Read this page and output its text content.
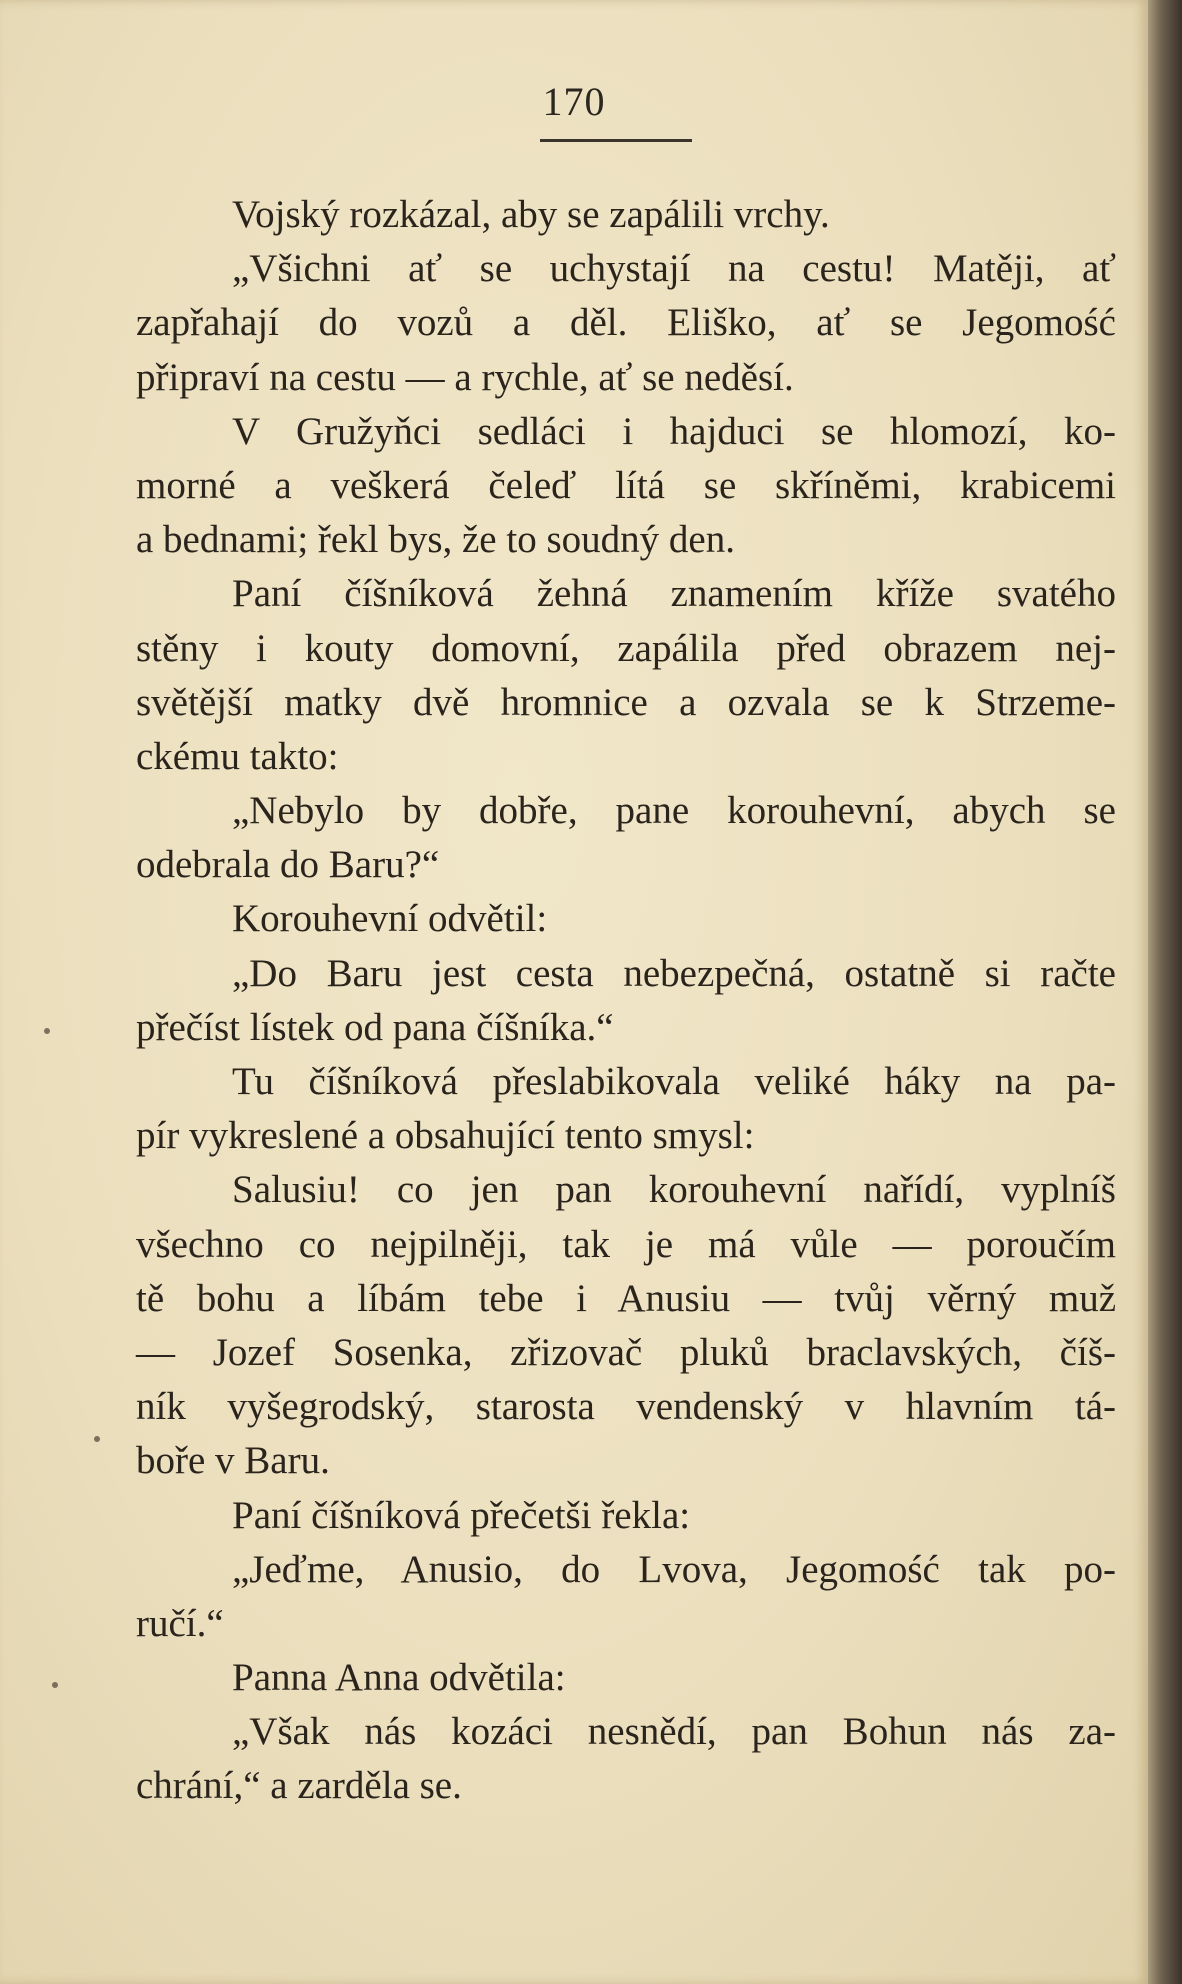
170
Vojský rozkázal, aby se zapálili vrchy.
„Všichni ať se uchystají na cestu! Matěji, ať
zapřahají do vozů a děl. Eliško, ať se Jegomość
připraví na cestu — a rychle, ať se neděsí.
V Gružyňci sedláci i hajduci se hlomozí, ko-
morné a veškerá čeleď lítá se skříněmi, krabicemi
a bednami; řekl bys, že to soudný den.
Paní číšníková žehná znamením kříže svatého
stěny i kouty domovní, zapálila před obrazem nej-
světější matky dvě hromnice a ozvala se k Strzeme-
ckému takto:
„Nebylo by dobře, pane korouhevní, abych se
odebrala do Baru?“
Korouhevní odvětil:
„Do Baru jest cesta nebezpečná, ostatně si račte
přečíst lístek od pana číšníka.“
Tu číšníková přeslabikovala veliké háky na pa-
pír vykreslené a obsahující tento smysl:
Salusiu! co jen pan korouhevní nařídí, vyplníš
všechno co nejpilněji, tak je má vůle — poroučím
tě bohu a líbám tebe i Anusiu — tvůj věrný muž
— Jozef Sosenka, zřizovač pluků braclavských, číš-
ník vyšegrodský, starosta vendenský v hlavním tá-
boře v Baru.
Paní číšníková přečetši řekla:
„Jeďme, Anusio, do Lvova, Jegomość tak po-
ručí.“
Panna Anna odvětila:
„Však nás kozáci nesnědí, pan Bohun nás za-
chrání,“ a zarděla se.
